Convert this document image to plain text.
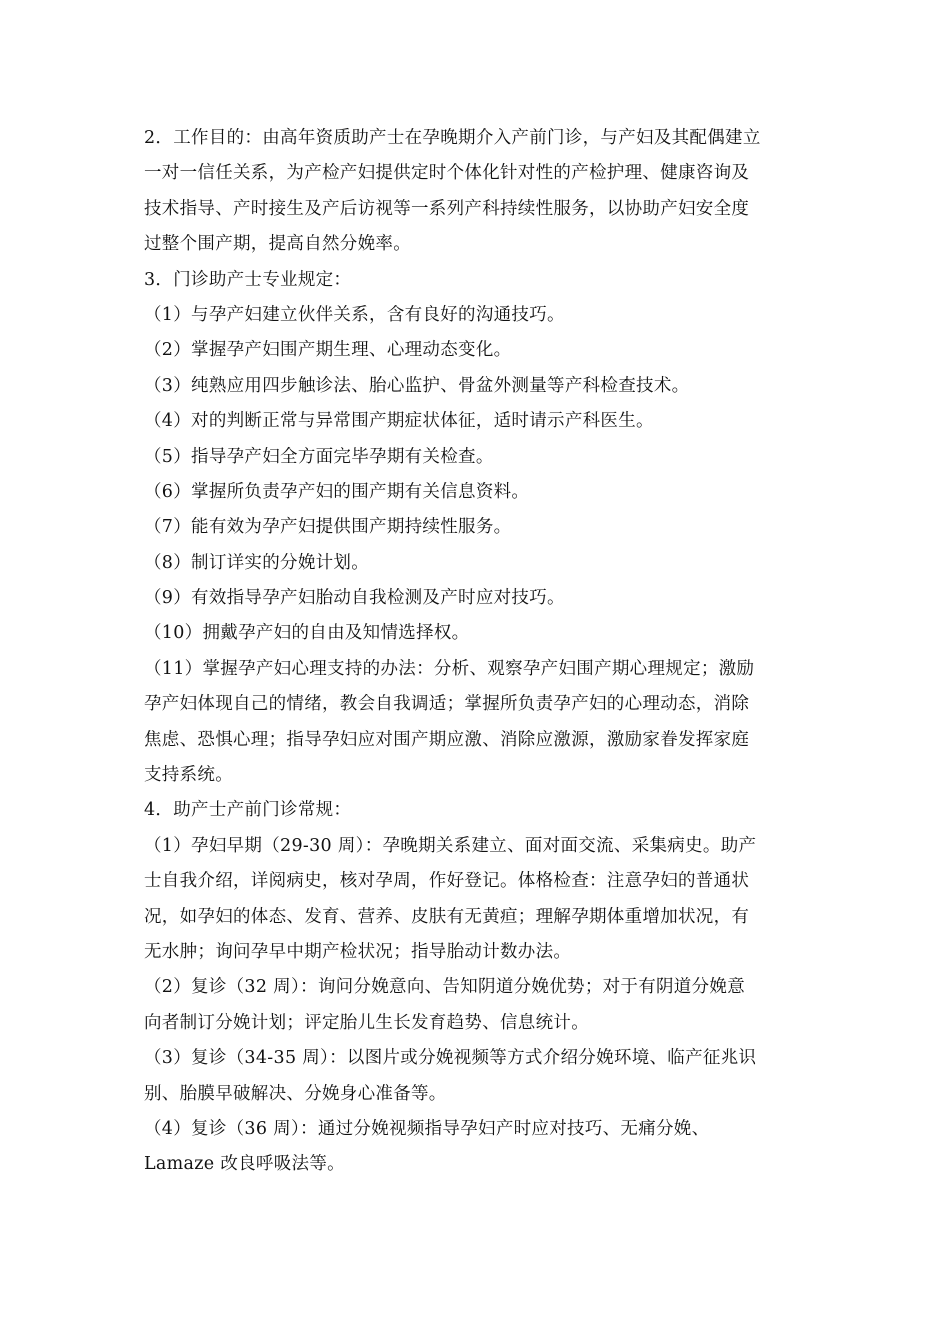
2．工作目的：由高年资质助产士在孕晚期介入产前门诊，与产妇及其配偶建立
一对一信任关系，为产检产妇提供定时个体化针对性的产检护理、健康咨询及
技术指导、产时接生及产后访视等一系列产科持续性服务，以协助产妇安全度
过整个围产期，提高自然分娩率。
3．门诊助产士专业规定：
（1）与孕产妇建立伙伴关系，含有良好的沟通技巧。
（2）掌握孕产妇围产期生理、心理动态变化。
（3）纯熟应用四步触诊法、胎心监护、骨盆外测量等产科检查技术。
（4）对的判断正常与异常围产期症状体征，适时请示产科医生。
（5）指导孕产妇全方面完毕孕期有关检查。
（6）掌握所负责孕产妇的围产期有关信息资料。
（7）能有效为孕产妇提供围产期持续性服务。
（8）制订详实的分娩计划。
（9）有效指导孕产妇胎动自我检测及产时应对技巧。
（10）拥戴孕产妇的自由及知情选择权。
（11）掌握孕产妇心理支持的办法：分析、观察孕产妇围产期心理规定；激励
孕产妇体现自己的情绪，教会自我调适；掌握所负责孕产妇的心理动态，消除
焦虑、恐惧心理；指导孕妇应对围产期应激、消除应激源，激励家眷发挥家庭
支持系统。
4．助产士产前门诊常规：
（1）孕妇早期（29-30 周）：孕晚期关系建立、面对面交流、采集病史。助产
士自我介绍，详阅病史，核对孕周，作好登记。体格检查：注意孕妇的普通状
况，如孕妇的体态、发育、营养、皮肤有无黄疸；理解孕期体重增加状况，有
无水肿；询问孕早中期产检状况；指导胎动计数办法。
（2）复诊（32 周）：询问分娩意向、告知阴道分娩优势；对于有阴道分娩意
向者制订分娩计划；评定胎儿生长发育趋势、信息统计。
（3）复诊（34-35 周）：以图片或分娩视频等方式介绍分娩环境、临产征兆识
别、胎膜早破解决、分娩身心准备等。
（4）复诊（36 周）：通过分娩视频指导孕妇产时应对技巧、无痛分娩、
Lamaze 改良呼吸法等。
